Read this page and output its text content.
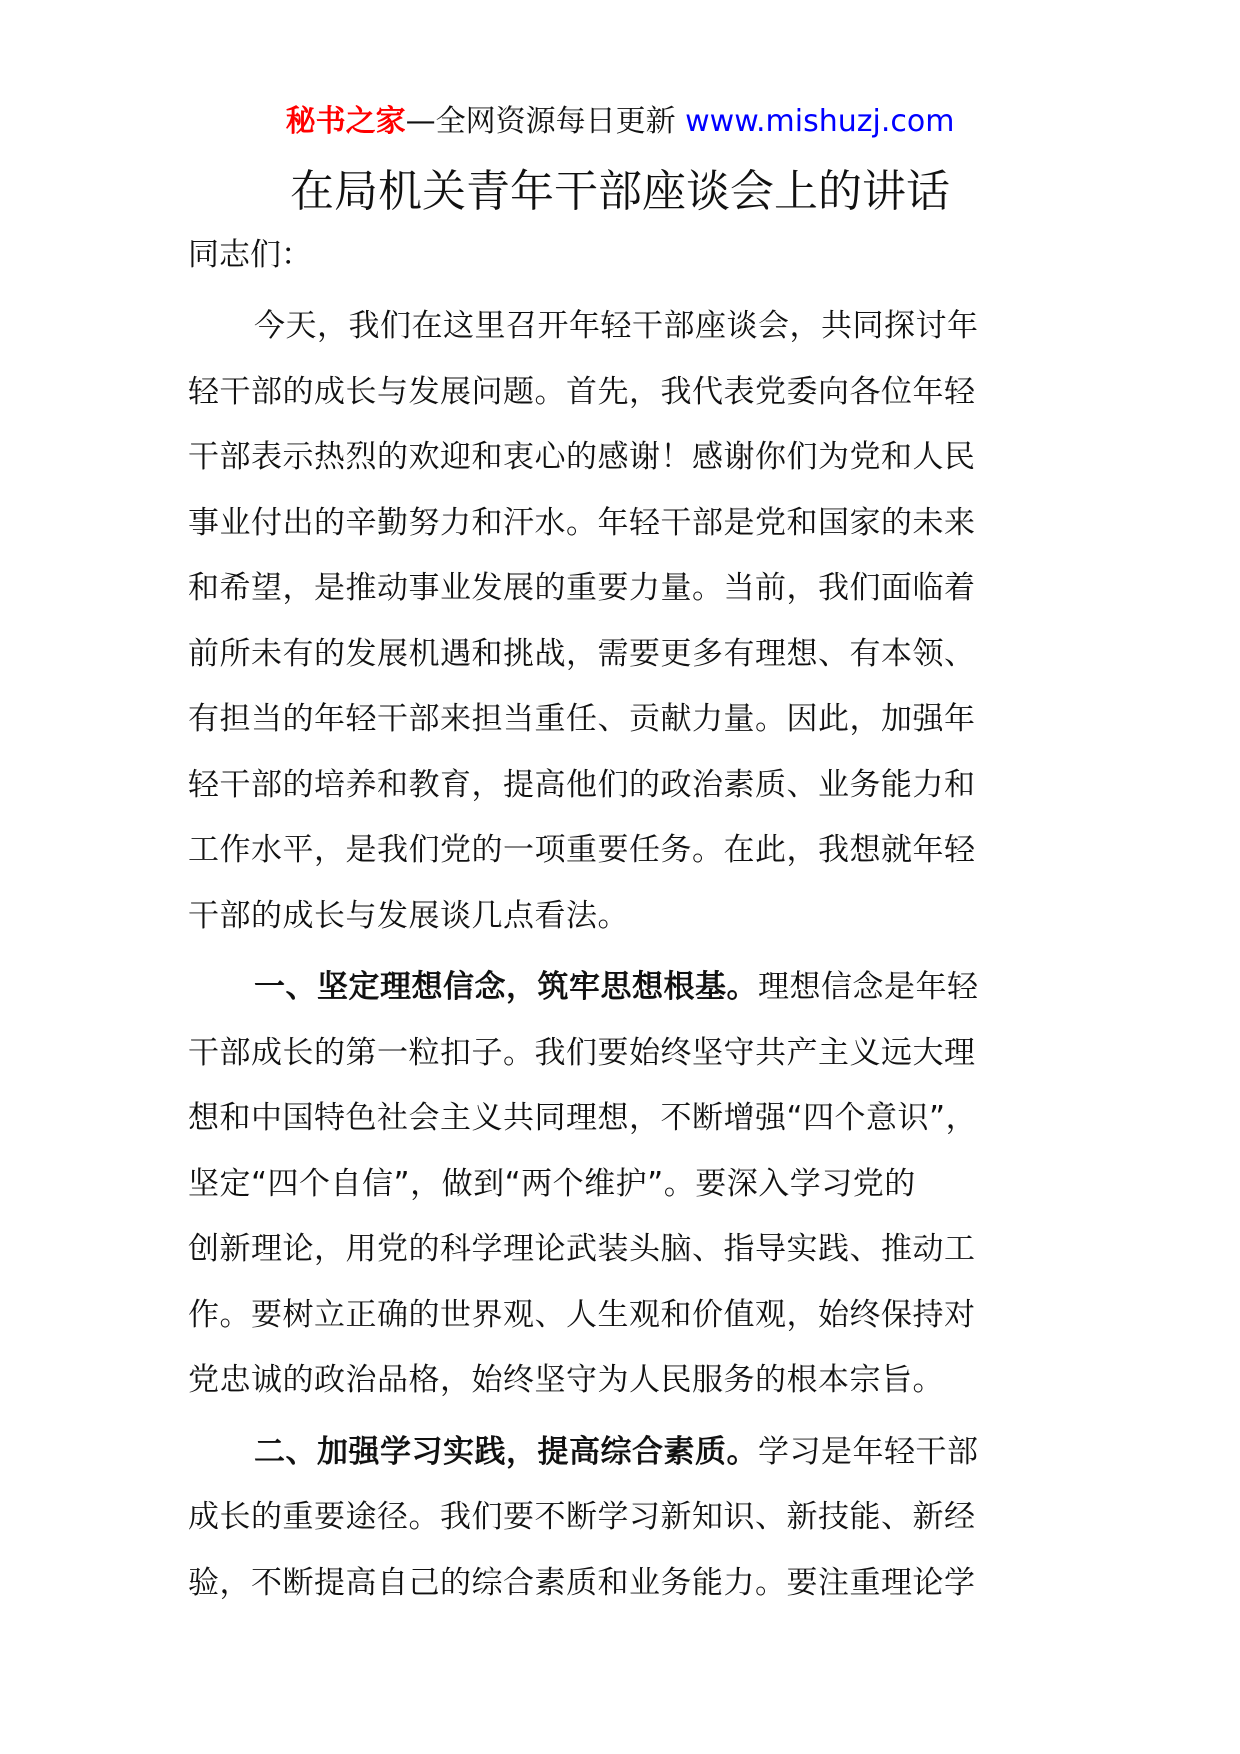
秘书之家—全网资源每日更新 www.mishuzj.com
在局机关青年干部座谈会上的讲话

同志们：

今天，我们在这里召开年轻干部座谈会，共同探讨年
轻干部的成长与发展问题。首先，我代表党委向各位年轻
干部表示热烈的欢迎和衷心的感谢！感谢你们为党和人民
事业付出的辛勤努力和汗水。年轻干部是党和国家的未来
和希望，是推动事业发展的重要力量。当前，我们面临着
前所未有的发展机遇和挑战，需要更多有理想、有本领、
有担当的年轻干部来担当重任、贡献力量。因此，加强年
轻干部的培养和教育，提高他们的政治素质、业务能力和
工作水平，是我们党的一项重要任务。在此，我想就年轻
干部的成长与发展谈几点看法。

一、坚定理想信念，筑牢思想根基。理想信念是年轻
干部成长的第一粒扣子。我们要始终坚守共产主义远大理
想和中国特色社会主义共同理想，不断增强“四个意识”，
坚定“四个自信”，做到“两个维护”。要深入学习党的
创新理论，用党的科学理论武装头脑、指导实践、推动工
作。要树立正确的世界观、人生观和价值观，始终保持对
党忠诚的政治品格，始终坚守为人民服务的根本宗旨。

二、加强学习实践，提高综合素质。学习是年轻干部
成长的重要途径。我们要不断学习新知识、新技能、新经
验，不断提高自己的综合素质和业务能力。要注重理论学
